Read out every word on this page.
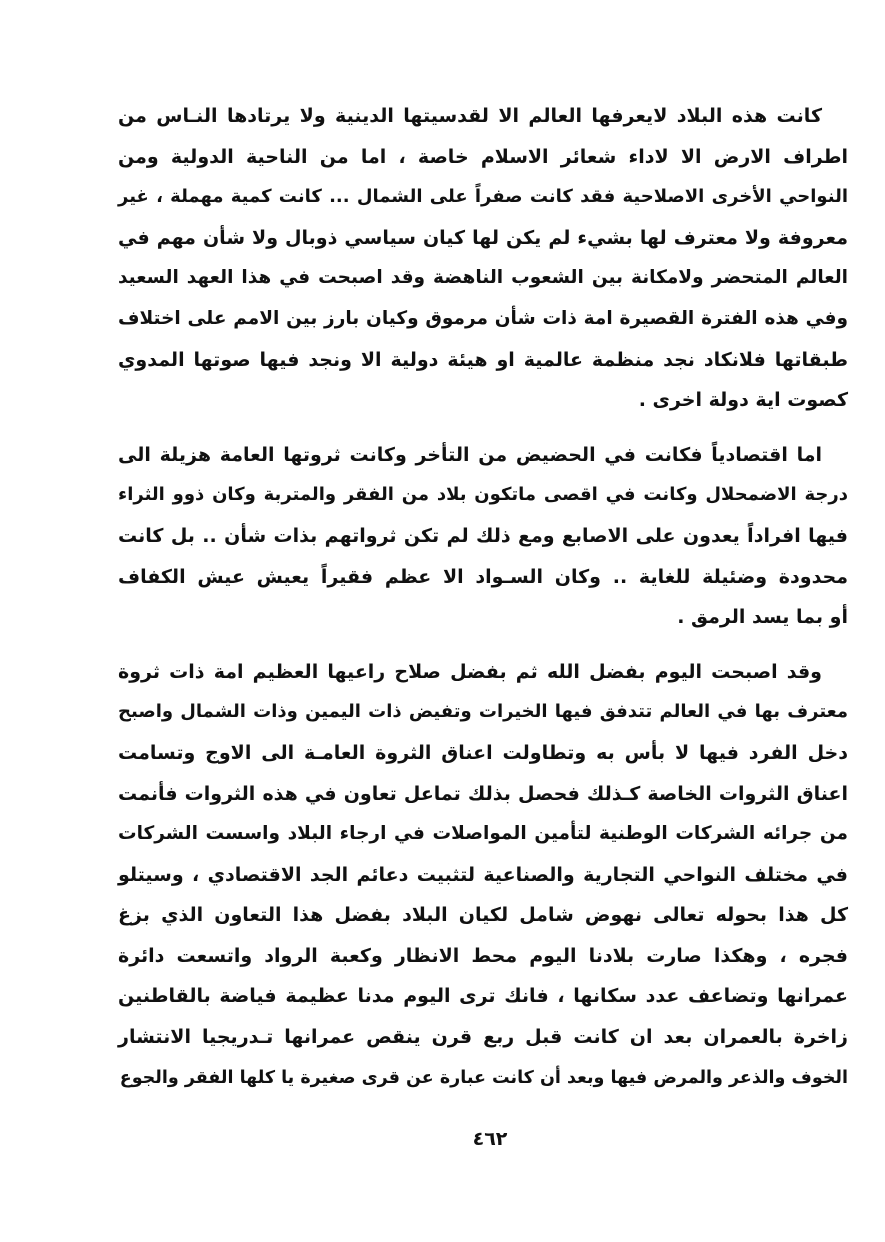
كانت هذه البلاد لايعرفها العالم الا لقدسيتها الدينية ولا يرتادها النـاس من
اطراف الارض الا لاداء شعائر الاسلام خاصة ، اما من الناحية الدولية ومن
النواحي الأخرى الاصلاحية فقد كانت صفراً على الشمال ... كانت كمية مهملة ، غير
معروفة ولا معترف لها بشيء لم يكن لها كيان سياسي ذوبال ولا شأن مهم في
العالم المتحضر ولامكانة بين الشعوب الناهضة وقد اصبحت في هذا العهد السعيد
وفي هذه الفترة القصيرة امة ذات شأن مرموق وكيان بارز بين الامم على اختلاف
طبقاتها فلانكاد نجد منظمة عالمية او هيئة دولية الا ونجد فيها صوتها المدوي
كصوت اية دولة اخرى .
اما اقتصادياً فكانت في الحضيض من التأخر وكانت ثروتها العامة هزيلة الى
درجة الاضمحلال وكانت في اقصى ماتكون بلاد من الفقر والمتربة وكان ذوو الثراء
فيها افراداً يعدون على الاصابع ومع ذلك لم تكن ثرواتهم بذات شأن .. بل كانت
محدودة وضئيلة للغاية .. وكان السـواد الا عظم فقيراً يعيش عيش الكفاف
أو بما يسد الرمق .
وقد اصبحت اليوم بفضل الله ثم بفضل صلاح راعيها العظيم امة ذات ثروة
معترف بها في العالم تتدفق فيها الخيرات وتفيض ذات اليمين وذات الشمال واصبح
دخل الفرد فيها لا بأس به وتطاولت اعناق الثروة العامـة الى الاوج وتسامت
اعناق الثروات الخاصة كـذلك فحصل بذلك تماعل تعاون في هذه الثروات فأنمت
من جرائه الشركات الوطنية لتأمين المواصلات في ارجاء البلاد واسست الشركات
في مختلف النواحي التجارية والصناعية لتثبيت دعائم الجد الاقتصادي ، وسيتلو
كل هذا بحوله تعالى نهوض شامل لكيان البلاد بفضل هذا التعاون الذي بزغ
فجره ، وهكذا صارت بلادنا اليوم محط الانظار وكعبة الرواد واتسعت دائرة
عمرانها وتضاعف عدد سكانها ، فانك ترى اليوم مدنا عظيمة فياضة بالقاطنين
زاخرة بالعمران بعد ان كانت قبل ربع قرن ينقص عمرانها تـدريجيا الانتشار
الخوف والذعر والمرض فيها وبعد أن كانت عبارة عن قرى صغيرة يا كلها الفقر والجوع
٤٦٢
